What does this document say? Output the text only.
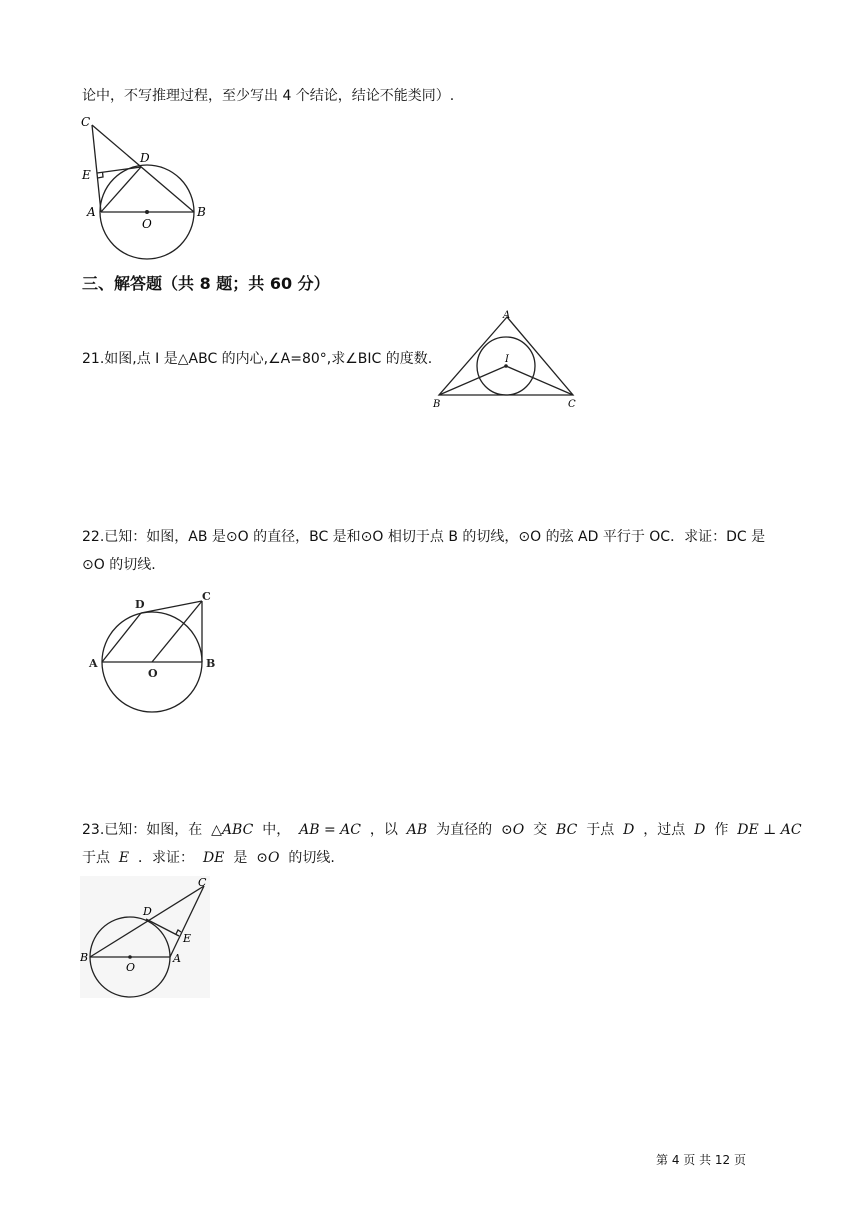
论中，不写推理过程，至少写出 4 个结论，结论不能类同）.
C
D
E
A	B
O
三、解答题（共 8 题；共 60 分）
21.如图,点 I 是△ABC 的内心,∠A=80°,求∠BIC 的度数.
A
B	C
I
22.已知：如图，AB 是⊙O 的直径，BC 是和⊙O 相切于点 B 的切线，⊙O 的弦 AD 平行于 OC．求证：DC 是
⊙O 的切线.
D
C
A
O
B
23.已知：如图，在 △ABC 中， AB = AC ，以 AB 为直径的 ⊙O 交 BC 于点 D ，过点 D 作 DE ⊥ AC
于点 E ．求证： DE 是 ⊙O 的切线.
C
D
E
B
O
A
第 4 页 共 12 页
